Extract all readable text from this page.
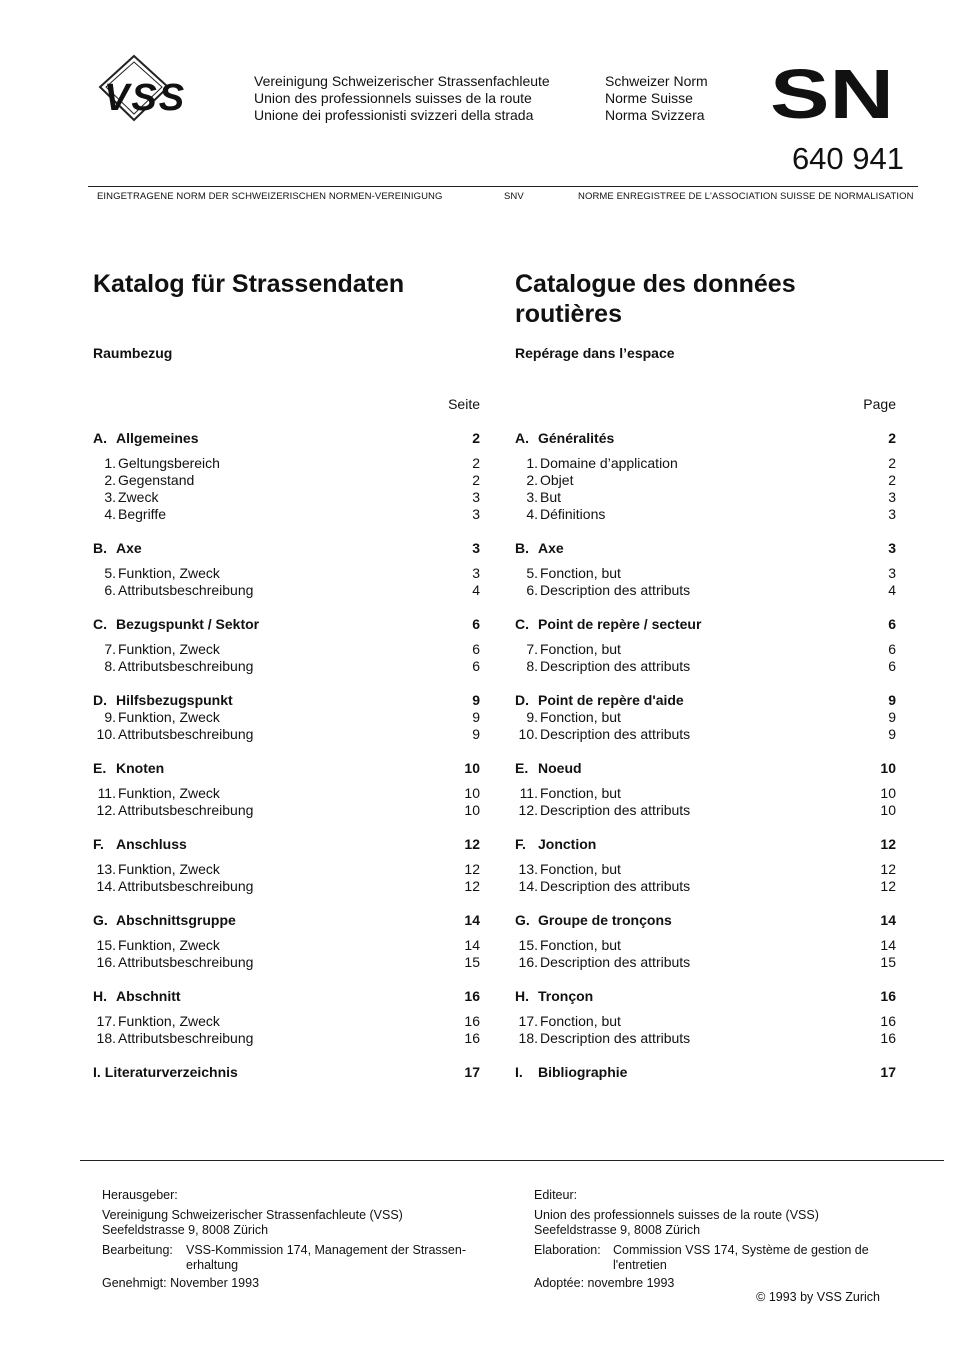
VSS	Vereinigung Schweizerischer Strassenfachleute
Union des professionnels suisses de la route
Unione dei professionisti svizzeri della strada
Schweizer Norm
Norme Suisse
Norma Svizzera SN
640 941
EINGETRAGENE NORM DER SCHWEIZERISCHEN NORMEN-VEREINIGUNG	SNV	NORME ENREGISTREE DE L'ASSOCIATION SUISSE DE NORMALISATION
Katalog für Strassendaten	Catalogue des données routières
Raumbezug	Repérage dans l’espace
Seite	Page
A. Allgemeines	2
1. Geltungsbereich	2
2. Gegenstand	2
3. Zweck	3
4. Begriffe	3
B. Axe	3
5. Funktion, Zweck	3
6. Attributsbeschreibung	4
C. Bezugspunkt / Sektor	6
7. Funktion, Zweck	6
8. Attributsbeschreibung	6
D. Hilfsbezugspunkt	9
9. Funktion, Zweck	9
10. Attributsbeschreibung	9
E. Knoten	10
11. Funktion, Zweck	10
12. Attributsbeschreibung	10
F. Anschluss	12
13. Funktion, Zweck	12
14. Attributsbeschreibung	12
G. Abschnittsgruppe	14
15. Funktion, Zweck	14
16. Attributsbeschreibung	15
H. Abschnitt	16
17. Funktion, Zweck	16
18. Attributsbeschreibung	16
I. Literaturverzeichnis	17
A. Généralités	2
1. Domaine d’application	2
2. Objet	2
3. But	3
4. Définitions	3
B. Axe	3
5. Fonction, but	3
6. Description des attributs	4
C. Point de repère / secteur	6
7. Fonction, but	6
8. Description des attributs	6
D. Point de repère d'aide	9
9. Fonction, but	9
10. Description des attributs	9
E. Noeud	10
11. Fonction, but	10
12. Description des attributs	10
F. Jonction	12
13. Fonction, but	12
14. Description des attributs	12
G. Groupe de tronçons	14
15. Fonction, but	14
16. Description des attributs	15
H. Tronçon	16
17. Fonction, but	16
18. Description des attributs	16
I.	Bibliographie	17
Herausgeber:
Vereinigung Schweizerischer Strassenfachleute (VSS)
Seefeldstrasse 9, 8008 Zürich
Bearbeitung:	VSS-Kommission 174, Management der Strassen-
erhaltung
Genehmigt: November 1993
Editeur:
Union des professionnels suisses de la route (VSS)
Seefeldstrasse 9, 8008 Zürich
Elaboration: Commission VSS 174, Système de gestion de
l'entretien
Adoptée: novembre 1993
© 1993 by VSS Zurich
